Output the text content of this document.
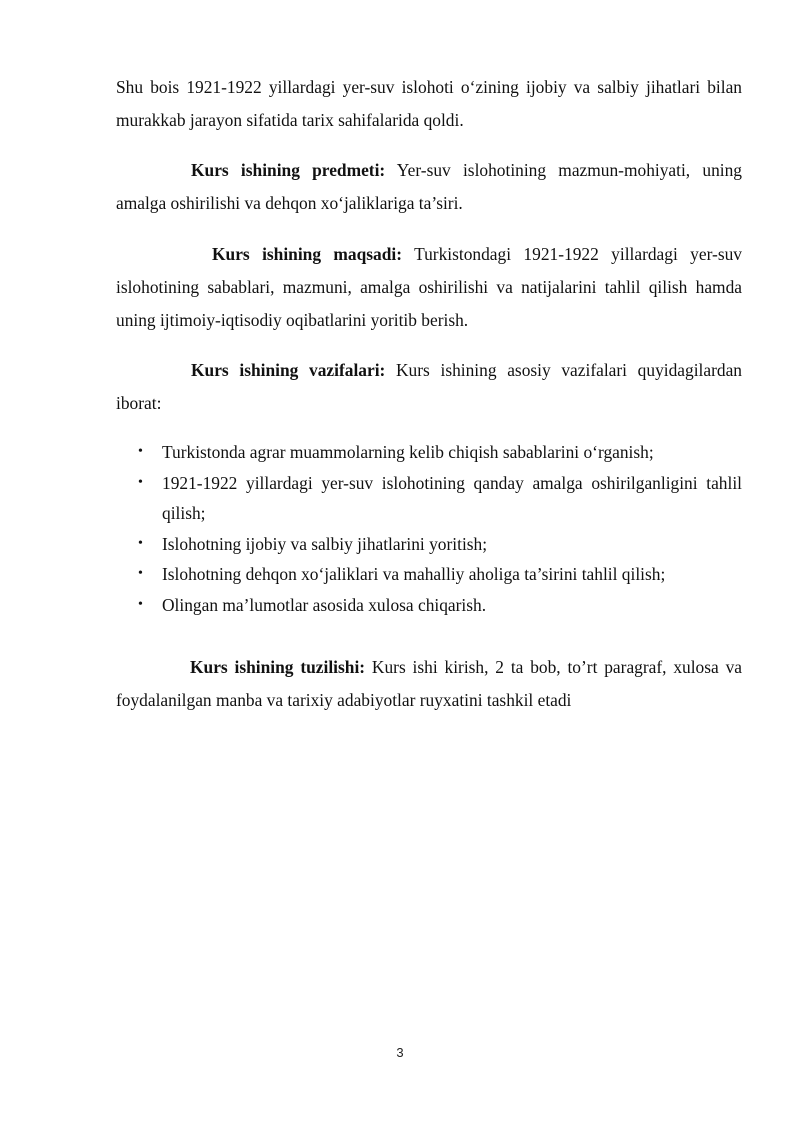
Shu bois 1921-1922 yillardagi yer-suv islohoti o‘zining ijobiy va salbiy jihatlari bilan murakkab jarayon sifatida tarix sahifalarida qoldi.

Kurs ishining predmeti: Yer-suv islohotining mazmun-mohiyati, uning amalga oshirilishi va dehqon xo‘jaliklariga ta’siri.

Kurs ishining maqsadi: Turkistondagi 1921-1922 yillardagi yer-suv islohotining sabablari, mazmuni, amalga oshirilishi va natijalarini tahlil qilish hamda uning ijtimoiy-iqtisodiy oqibatlarini yoritib berish.

Kurs ishining vazifalari: Kurs ishining asosiy vazifalari quyidagilardan iborat:

• Turkistonda agrar muammolarning kelib chiqish sabablarini o‘rganish;
• 1921-1922 yillardagi yer-suv islohotining qanday amalga oshirilganligini tahlil qilish;
• Islohotning ijobiy va salbiy jihatlarini yoritish;
• Islohotning dehqon xo‘jaliklari va mahalliy aholiga ta’sirini tahlil qilish;
• Olingan ma’lumotlar asosida xulosa chiqarish.

Kurs ishining tuzilishi: Kurs ishi kirish, 2 ta bob, to’rt paragraf, xulosa va foydalanilgan manba va tarixiy adabiyotlar ruyxatini tashkil etadi

3
